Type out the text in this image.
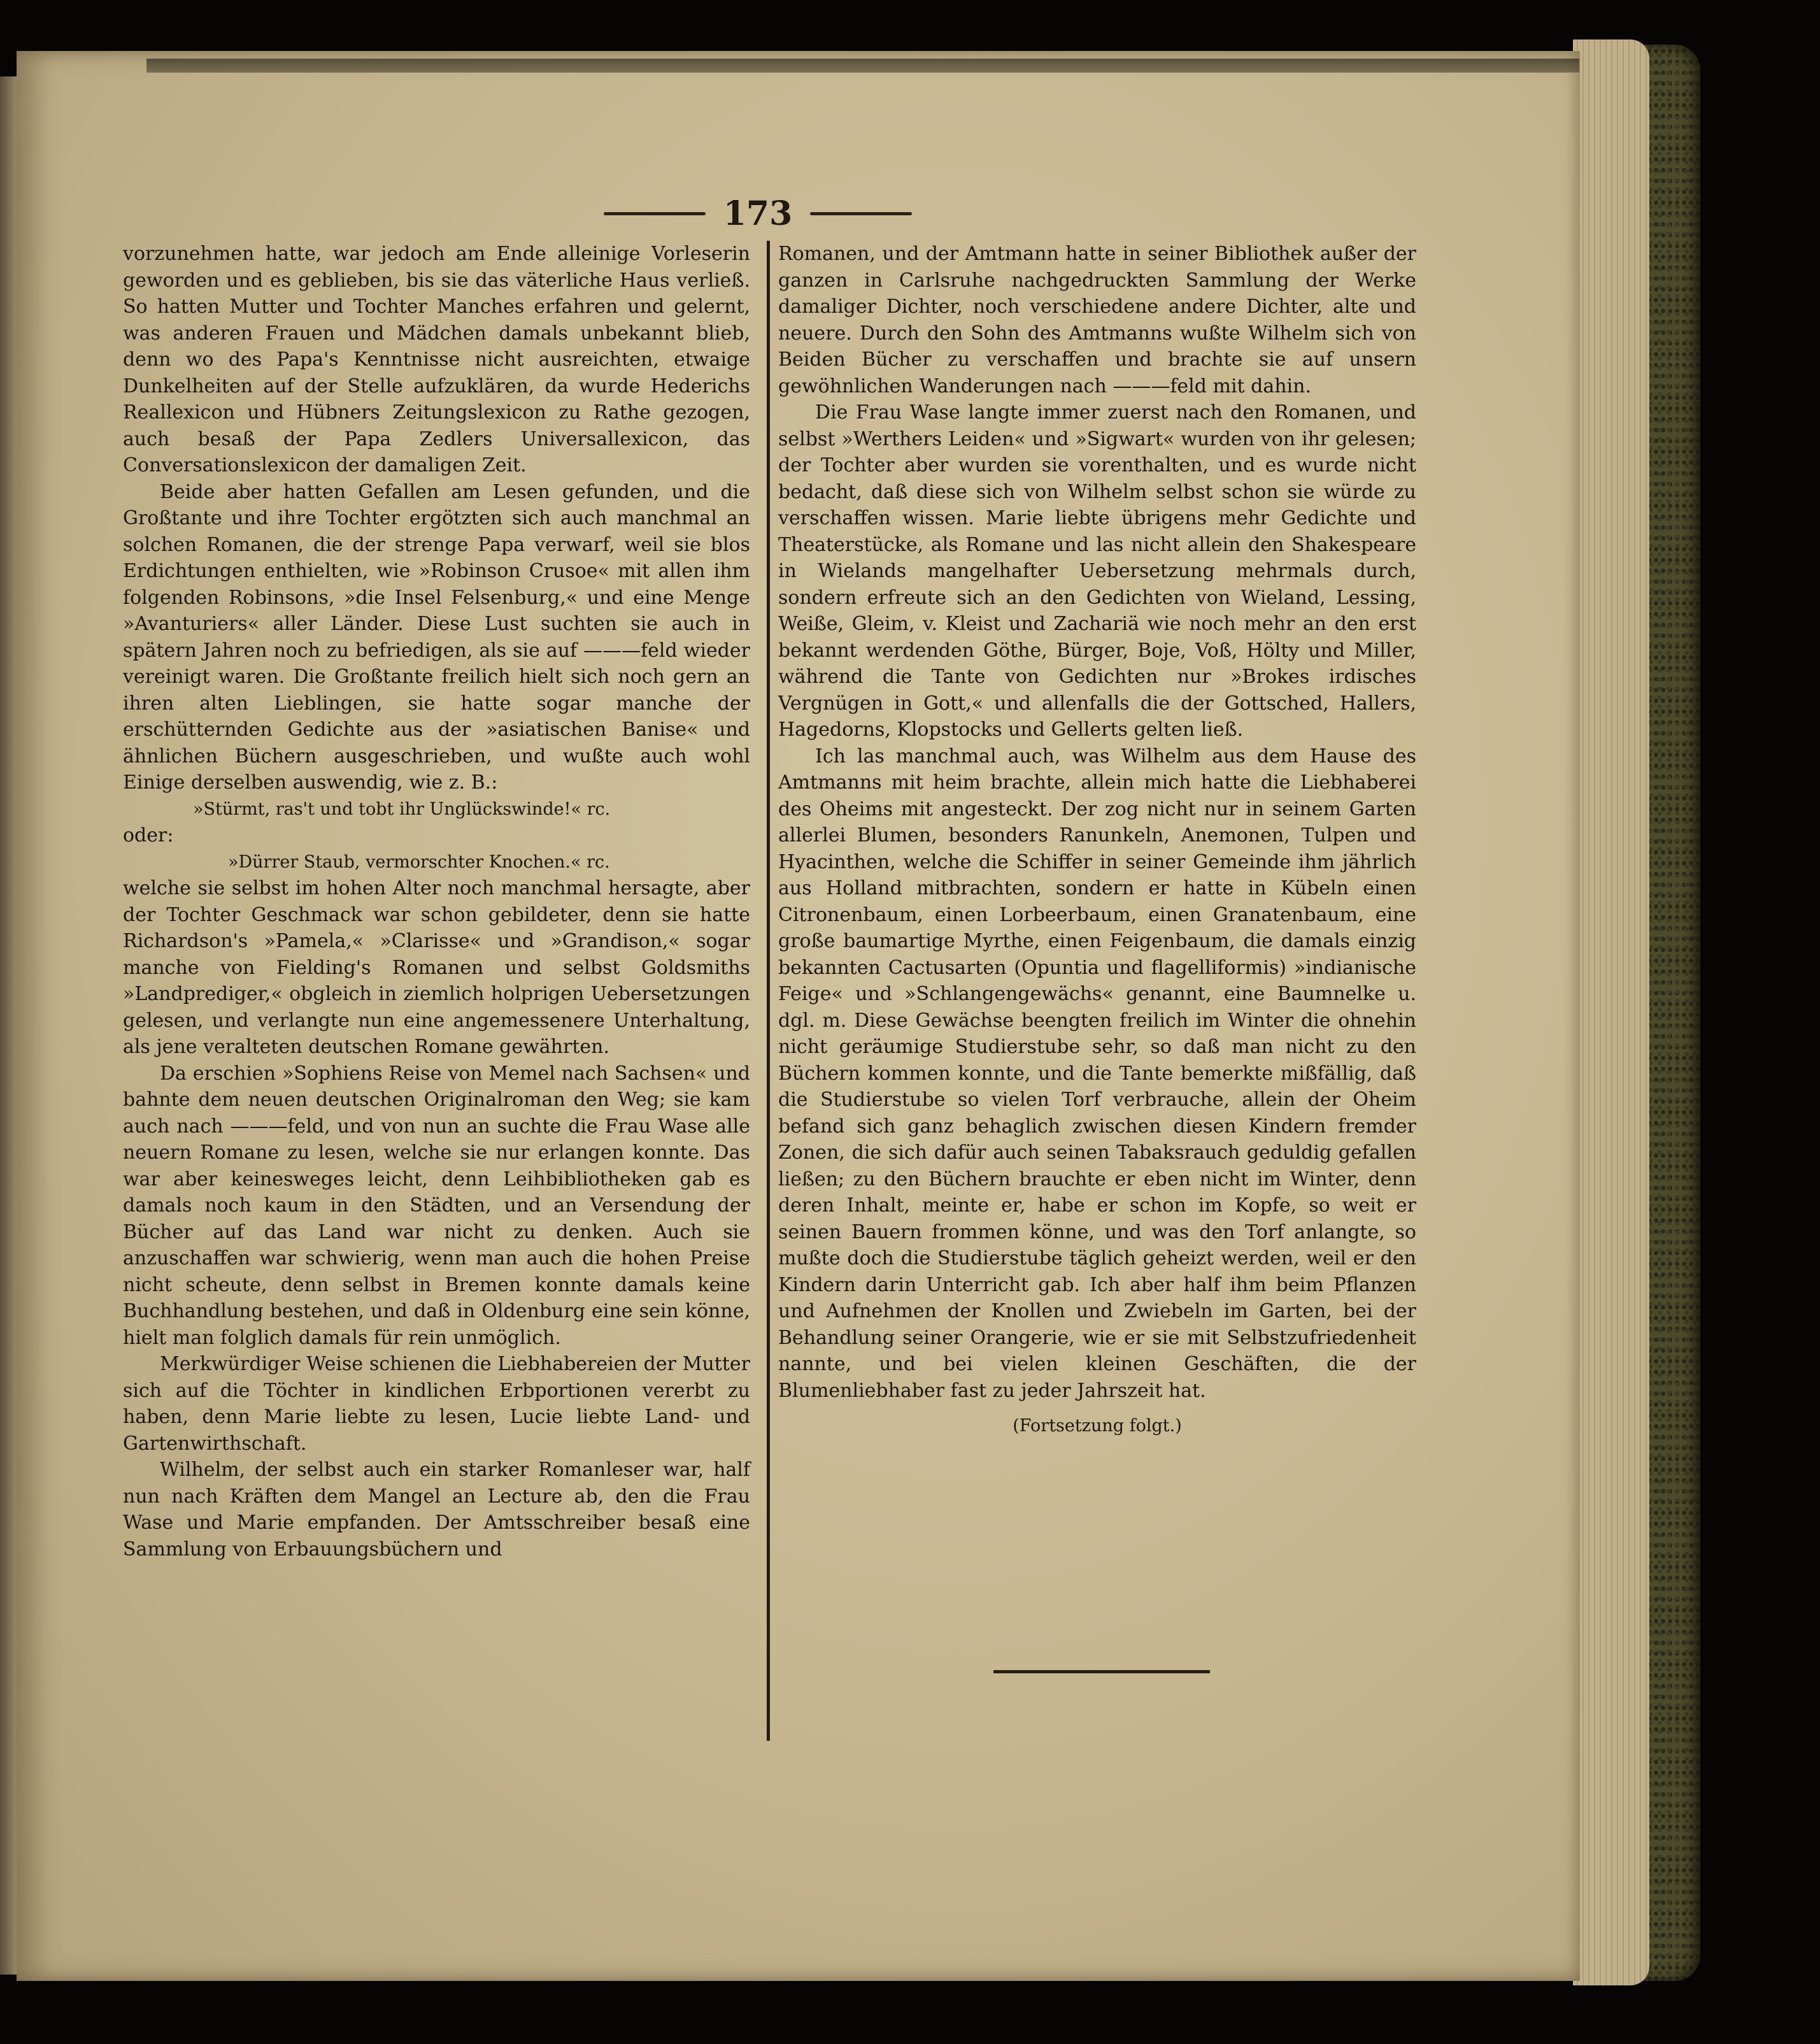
173

vorzunehmen hatte, war jedoch am Ende alleinige Vorleserin geworden und es geblieben, bis sie das väterliche Haus verließ. So hatten Mutter und Tochter Manches erfahren und gelernt, was anderen Frauen und Mädchen damals unbekannt blieb, denn wo des Papa's Kenntnisse nicht ausreichten, etwaige Dunkelheiten auf der Stelle aufzuklären, da wurde Hederichs Reallexicon und Hübners Zeitungslexicon zu Rathe gezogen, auch besaß der Papa Zedlers Universallexicon, das Conversationslexicon der damaligen Zeit.

Beide aber hatten Gefallen am Lesen gefunden, und die Großtante und ihre Tochter ergötzten sich auch manchmal an solchen Romanen, die der strenge Papa verwarf, weil sie blos Erdichtungen enthielten, wie »Robinson Crusoe« mit allen ihm folgenden Robinsons, »die Insel Felsenburg,« und eine Menge »Avanturiers« aller Länder. Diese Lust suchten sie auch in spätern Jahren noch zu befriedigen, als sie auf ———feld wieder vereinigt waren. Die Großtante freilich hielt sich noch gern an ihren alten Lieblingen, sie hatte sogar manche der erschütternden Gedichte aus der »asiatischen Banise« und ähnlichen Büchern ausgeschrieben, und wußte auch wohl Einige derselben auswendig, wie z. B.:

»Stürmt, ras't und tobt ihr Unglückswinde!« rc.

oder:

»Dürrer Staub, vermorschter Knochen.« rc.

welche sie selbst im hohen Alter noch manchmal hersagte, aber der Tochter Geschmack war schon gebildeter, denn sie hatte Richardson's »Pamela,« »Clarisse« und »Grandison,« sogar manche von Fielding's Romanen und selbst Goldsmiths »Landprediger,« obgleich in ziemlich holprigen Uebersetzungen gelesen, und verlangte nun eine angemessenere Unterhaltung, als jene veralteten deutschen Romane gewährten.

Da erschien »Sophiens Reise von Memel nach Sachsen« und bahnte dem neuen deutschen Originalroman den Weg; sie kam auch nach ———feld, und von nun an suchte die Frau Wase alle neuern Romane zu lesen, welche sie nur erlangen konnte. Das war aber keinesweges leicht, denn Leihbibliotheken gab es damals noch kaum in den Städten, und an Versendung der Bücher auf das Land war nicht zu denken. Auch sie anzuschaffen war schwierig, wenn man auch die hohen Preise nicht scheute, denn selbst in Bremen konnte damals keine Buchhandlung bestehen, und daß in Oldenburg eine sein könne, hielt man folglich damals für rein unmöglich.

Merkwürdiger Weise schienen die Liebhabereien der Mutter sich auf die Töchter in kindlichen Erbportionen vererbt zu haben, denn Marie liebte zu lesen, Lucie liebte Land- und Gartenwirthschaft.

Wilhelm, der selbst auch ein starker Romanleser war, half nun nach Kräften dem Mangel an Lecture ab, den die Frau Wase und Marie empfanden. Der Amtsschreiber besaß eine Sammlung von Erbauungsbüchern und

Romanen, und der Amtmann hatte in seiner Bibliothek außer der ganzen in Carlsruhe nachgedruckten Sammlung der Werke damaliger Dichter, noch verschiedene andere Dichter, alte und neuere. Durch den Sohn des Amtmanns wußte Wilhelm sich von Beiden Bücher zu verschaffen und brachte sie auf unsern gewöhnlichen Wanderungen nach ———feld mit dahin.

Die Frau Wase langte immer zuerst nach den Romanen, und selbst »Werthers Leiden« und »Sigwart« wurden von ihr gelesen; der Tochter aber wurden sie vorenthalten, und es wurde nicht bedacht, daß diese sich von Wilhelm selbst schon sie würde zu verschaffen wissen. Marie liebte übrigens mehr Gedichte und Theaterstücke, als Romane und las nicht allein den Shakespeare in Wielands mangelhafter Uebersetzung mehrmals durch, sondern erfreute sich an den Gedichten von Wieland, Lessing, Weiße, Gleim, v. Kleist und Zachariä wie noch mehr an den erst bekannt werdenden Göthe, Bürger, Boje, Voß, Hölty und Miller, während die Tante von Gedichten nur »Brokes irdisches Vergnügen in Gott,« und allenfalls die der Gottsched, Hallers, Hagedorns, Klopstocks und Gellerts gelten ließ.

Ich las manchmal auch, was Wilhelm aus dem Hause des Amtmanns mit heim brachte, allein mich hatte die Liebhaberei des Oheims mit angesteckt. Der zog nicht nur in seinem Garten allerlei Blumen, besonders Ranunkeln, Anemonen, Tulpen und Hyacinthen, welche die Schiffer in seiner Gemeinde ihm jährlich aus Holland mitbrachten, sondern er hatte in Kübeln einen Citronenbaum, einen Lorbeerbaum, einen Granatenbaum, eine große baumartige Myrthe, einen Feigenbaum, die damals einzig bekannten Cactusarten (Opuntia und flagelliformis) »indianische Feige« und »Schlangengewächs« genannt, eine Baumnelke u. dgl. m. Diese Gewächse beengten freilich im Winter die ohnehin nicht geräumige Studierstube sehr, so daß man nicht zu den Büchern kommen konnte, und die Tante bemerkte mißfällig, daß die Studierstube so vielen Torf verbrauche, allein der Oheim befand sich ganz behaglich zwischen diesen Kindern fremder Zonen, die sich dafür auch seinen Tabaksrauch geduldig gefallen ließen; zu den Büchern brauchte er eben nicht im Winter, denn deren Inhalt, meinte er, habe er schon im Kopfe, so weit er seinen Bauern frommen könne, und was den Torf anlangte, so mußte doch die Studierstube täglich geheizt werden, weil er den Kindern darin Unterricht gab. Ich aber half ihm beim Pflanzen und Aufnehmen der Knollen und Zwiebeln im Garten, bei der Behandlung seiner Orangerie, wie er sie mit Selbstzufriedenheit nannte, und bei vielen kleinen Geschäften, die der Blumenliebhaber fast zu jeder Jahrszeit hat.

(Fortsetzung folgt.)
